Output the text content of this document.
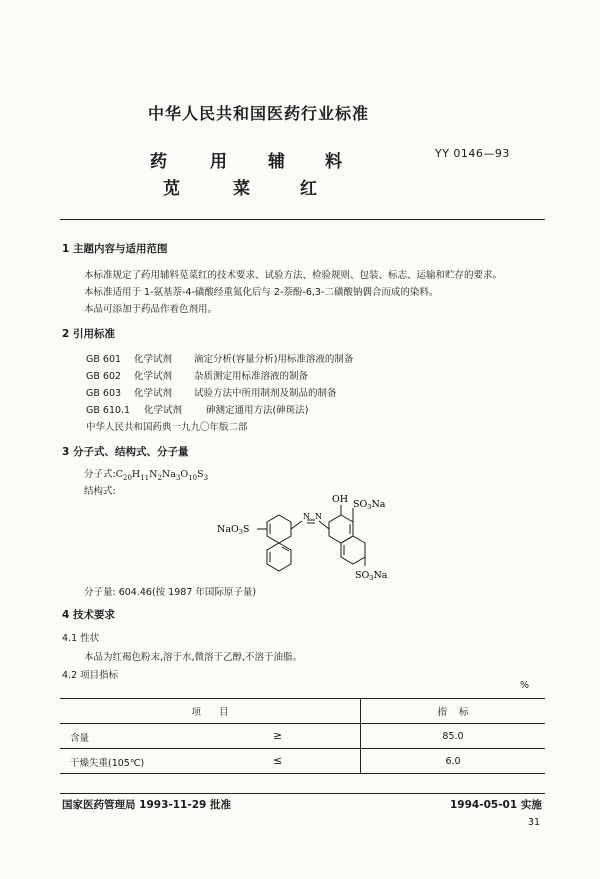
中华人民共和国医药行业标准
药	用 辅 料
苋	菜	红
YY 0146—93
1 主题内容与适用范围
本标准规定了药用辅料苋菜红的技术要求、试验方法、检验规则、包装、标志、运输和贮存的要求。
本标准适用于 1-氨基萘-4-磺酸经重氮化后与 2-萘酚-6,3-二磺酸钠偶合而成的染料。
本品可添加于药品作着色剂用。
2 引用标准
GB 601 化学试剂 滴定分析(容量分析)用标准溶液的制备
GB 602 化学试剂 杂质测定用标准溶液的制备
GB 603 化学试剂 试验方法中所用制剂及制品的制备
GB 610.1 化学试剂	砷测定通用方法(砷斑法)
中华人民共和国药典一九九〇年版二部
3 分子式、结构式、分子量
分子式$:C_{20}H_{11}N_2Na_3O_{10}S_3$
结构式:
OH $SO_3Na$
NaO$_3$S
N N
$SO_3Na$
分子量: 604.46(按 1987 年国际原子量)
4 技术要求
4.1 性状
本品为红褐色粉末,溶于水,微溶于乙醇,不溶于油脂。
4.2 项目指标
%
项      目	指    标

含量 ≥	85.0

干燥失重(105℃) ≤	6.0
国家医药管理局 1993-11-29 批准	1994-05-01 实施
31
